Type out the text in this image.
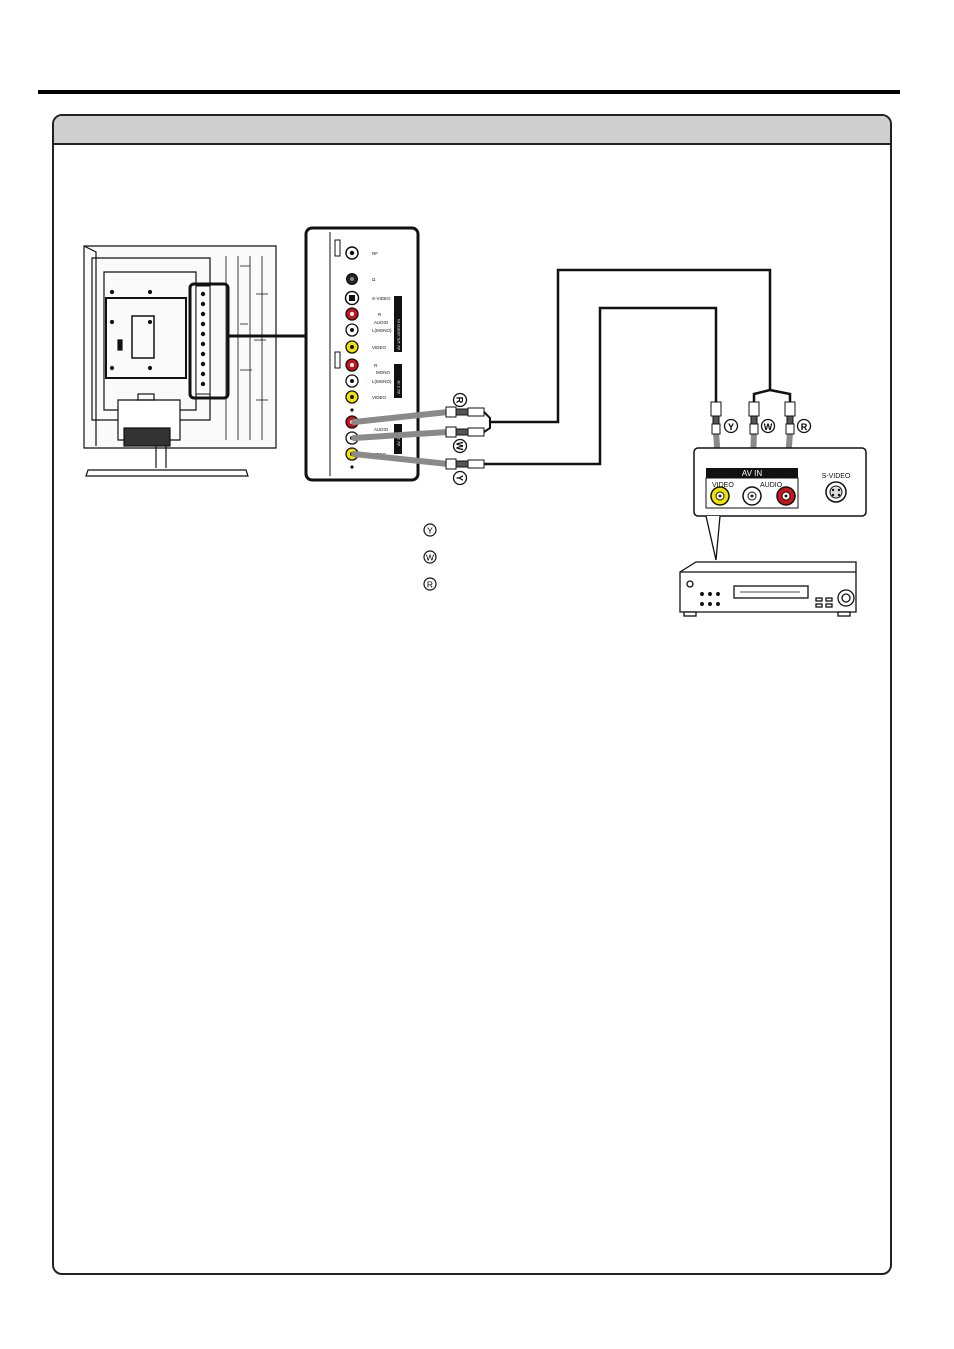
RF
Ω
S-VIDEO
R
AUDIO
L(MONO)
VIDEO
R
MONO
L(MONO)
VIDEO
AUDIO
VIDEO
AV 1/S-VIDEO IN
AV 2 IN
AV 3
R
W
Y
Y	W	R
AV IN
VIDEO	AUDIO
S-VIDEO
Y
W
R
